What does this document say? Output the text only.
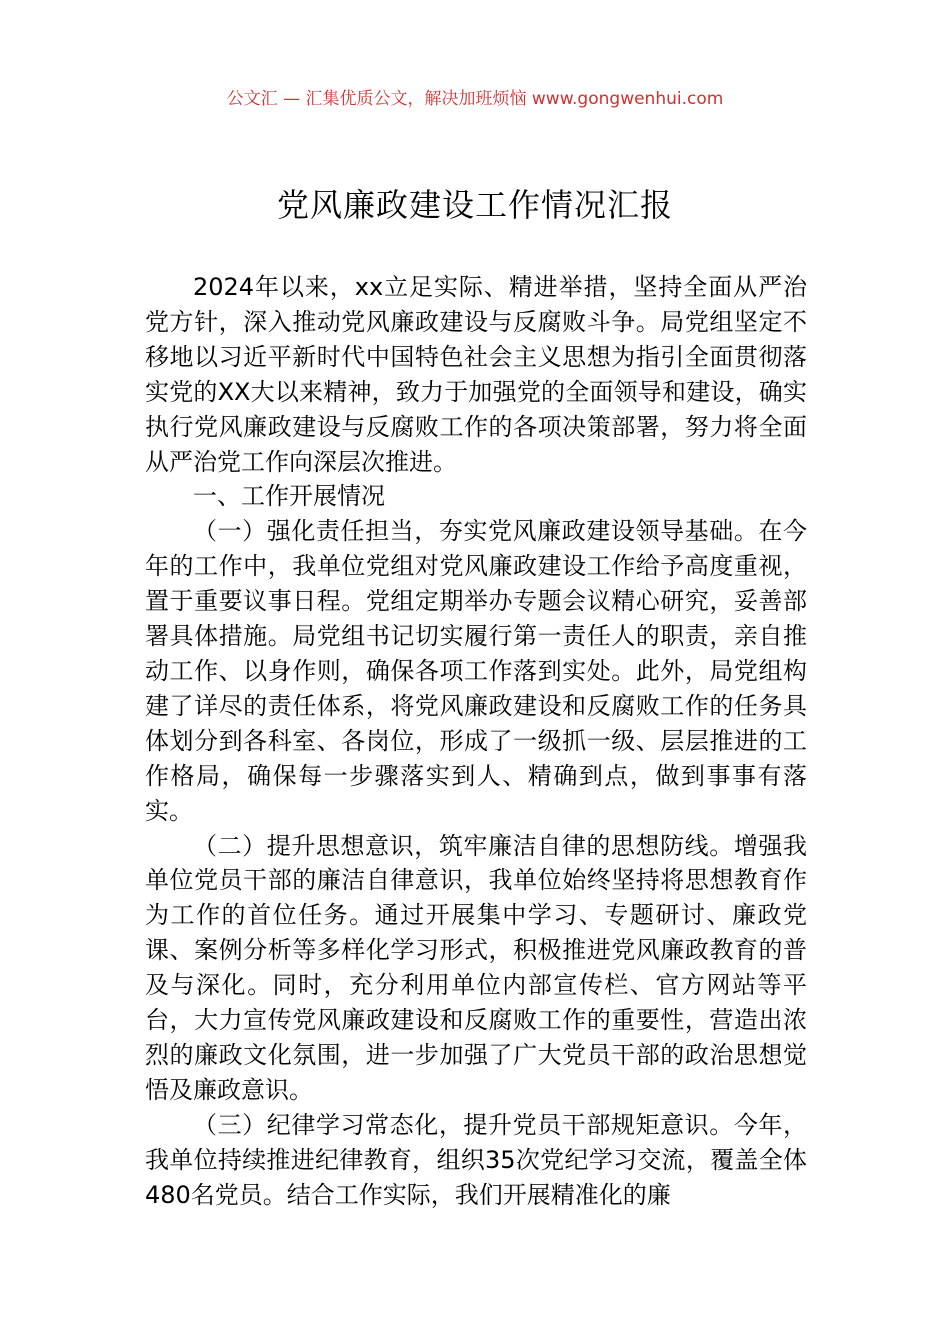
公文汇 — 汇集优质公文，解决加班烦恼 www.gongwenhui.com
党风廉政建设工作情况汇报

2024年以来，xx立足实际、精进举措，坚持全面从严治党方针，深入推动党风廉政建设与反腐败斗争。局党组坚定不移地以习近平新时代中国特色社会主义思想为指引全面贯彻落实党的XX大以来精神，致力于加强党的全面领导和建设，确实执行党风廉政建设与反腐败工作的各项决策部署，努力将全面从严治党工作向深层次推进。

一、工作开展情况

（一）强化责任担当，夯实党风廉政建设领导基础。在今年的工作中，我单位党组对党风廉政建设工作给予高度重视，置于重要议事日程。党组定期举办专题会议精心研究，妥善部署具体措施。局党组书记切实履行第一责任人的职责，亲自推动工作、以身作则，确保各项工作落到实处。此外，局党组构建了详尽的责任体系，将党风廉政建设和反腐败工作的任务具体划分到各科室、各岗位，形成了一级抓一级、层层推进的工作格局，确保每一步骤落实到人、精确到点，做到事事有落实。

（二）提升思想意识，筑牢廉洁自律的思想防线。增强我单位党员干部的廉洁自律意识，我单位始终坚持将思想教育作为工作的首位任务。通过开展集中学习、专题研讨、廉政党课、案例分析等多样化学习形式，积极推进党风廉政教育的普及与深化。同时，充分利用单位内部宣传栏、官方网站等平台，大力宣传党风廉政建设和反腐败工作的重要性，营造出浓烈的廉政文化氛围，进一步加强了广大党员干部的政治思想觉悟及廉政意识。

（三）纪律学习常态化，提升党员干部规矩意识。今年，我单位持续推进纪律教育，组织35次党纪学习交流，覆盖全体480名党员。结合工作实际，我们开展精准化的廉
